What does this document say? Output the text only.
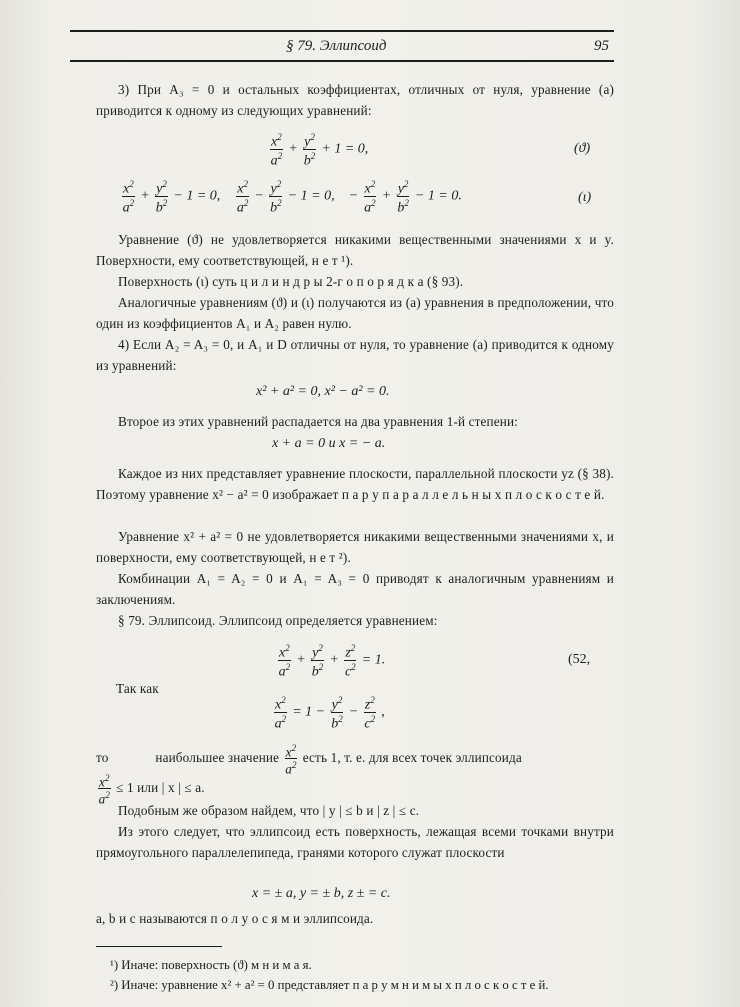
§ 79. Эллипсоид	95

3) При A₃ = 0 и остальных коэффициентах, отличных от нуля, уравнение (a) приводится к одному из следующих уравнений:

$\frac{x^2}{a^2} + \frac{y^2}{b^2} + 1 = 0$,	(ϑ)
$\frac{x^2}{a^2} + \frac{y^2}{b^2} - 1 = 0$, $\frac{x^2}{a^2} - \frac{y^2}{b^2} - 1 = 0$,    − $\frac{x^2}{a^2} + \frac{y^2}{b^2} - 1 = 0$.	(ι)

Уравнение (ϑ) не удовлетворяется никакими вещественными значениями x и y. Поверхности, ему соответствующей, н е т ¹).

Поверхность (ι) суть ц и л и н д р ы 2-г о п о р я д к а (§ 93).

Аналогичные уравнениям (ϑ) и (ι) получаются из (a) уравнения в предположении, что один из коэффициентов A₁ и A₂ равен нулю.

4) Если A₂ = A₃ = 0, и A₁ и D отличны от нуля, то уравнение (a) приводится к одному из уравнений:

x² + a² = 0, x² − a² = 0.

Второе из этих уравнений распадается на два уравнения 1-й степени:

x + a = 0 и x = − a.

Каждое из них представляет уравнение плоскости, параллельной плоскости yz (§ 38). Поэтому уравнение x² − a² = 0 изображает п а р у п а р а л л е л ь н ы х п л о с к о с т е й.

Уравнение x² + a² = 0 не удовлетворяется никакими вещественными значениями x, и поверхности, ему соответствующей, н е т ²).

Комбинации A₁ = A₂ = 0 и A₁ = A₃ = 0 приводят к аналогичным уравнениям и заключениям.

§ 79. Эллипсоид. Эллипсоид определяется уравнением:

$\frac{x^2}{a^2} + \frac{y^2}{b^2} + \frac{z^2}{c^2} = 1$.	(52,

Так как

$\frac{x^2}{a^2} = 1 - \frac{y^2}{b^2} - \frac{z^2}{c^2}$ ,
то	наибольшее значение $\frac{x^2}{a^2}$ есть 1, т. е. для всех точек эллипсоида
$\frac{x^2}{a^2} \le 1$ или | x | ≤ a.

Подобным же образом найдем, что | y | ≤ b и | z | ≤ c.

Из этого следует, что эллипсоид есть поверхность, лежащая всеми точками внутри прямоугольного параллелепипеда, гранями которого служат плоскости

x = ± a, y = ± b, z ± = c.

a, b и c называются п о л у о с я м и эллипсоида.

¹) Иначе: поверхность (ϑ) м н и м а я.
²) Иначе: уравнение x² + a² = 0 представляет п а р у м н и м ы х п л о с к о с т е й.
